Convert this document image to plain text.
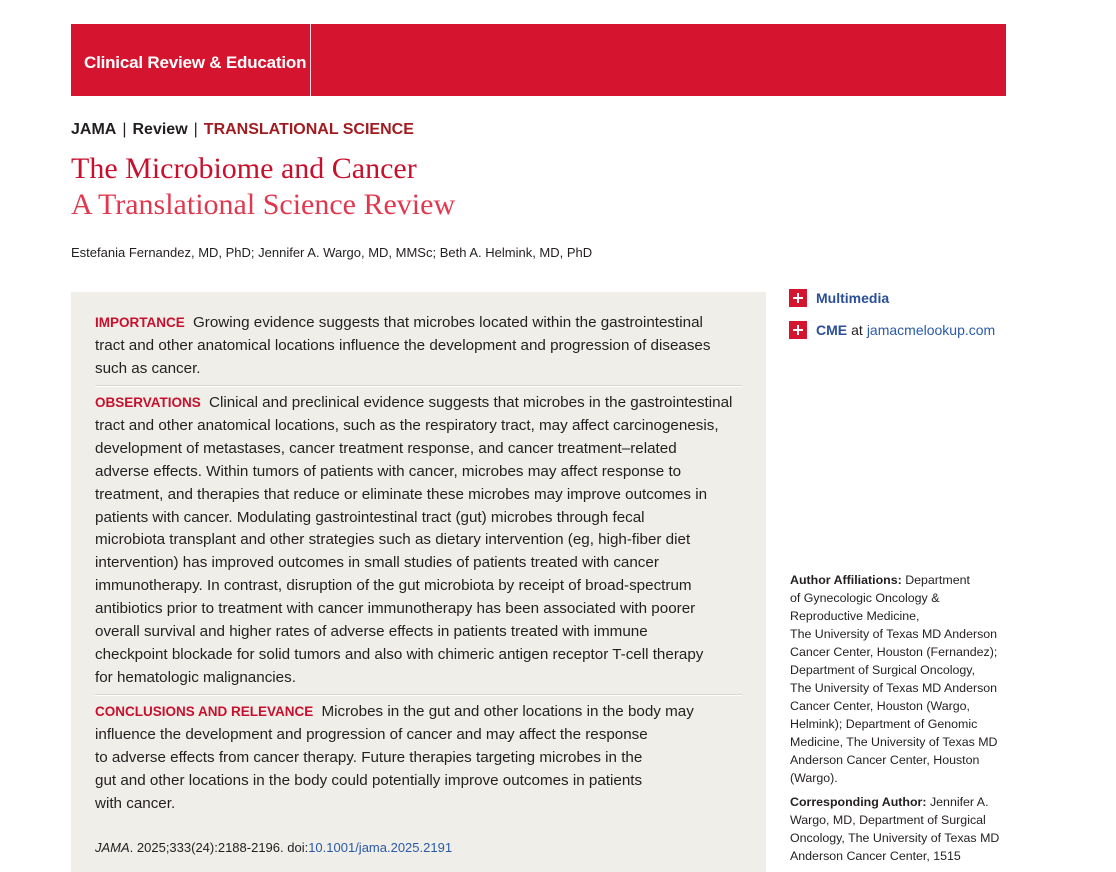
Clinical Review & Education
JAMA | Review | TRANSLATIONAL SCIENCE
The Microbiome and Cancer
A Translational Science Review
Estefania Fernandez, MD, PhD; Jennifer A. Wargo, MD, MMSc; Beth A. Helmink, MD, PhD
IMPORTANCE Growing evidence suggests that microbes located within the gastrointestinal
tract and other anatomical locations influence the development and progression of diseases
such as cancer.
OBSERVATIONS Clinical and preclinical evidence suggests that microbes in the gastrointestinal
tract and other anatomical locations, such as the respiratory tract, may affect carcinogenesis,
development of metastases, cancer treatment response, and cancer treatment–related
adverse effects. Within tumors of patients with cancer, microbes may affect response to
treatment, and therapies that reduce or eliminate these microbes may improve outcomes in
patients with cancer. Modulating gastrointestinal tract (gut) microbes through fecal
microbiota transplant and other strategies such as dietary intervention (eg, high-fiber diet
intervention) has improved outcomes in small studies of patients treated with cancer
immunotherapy. In contrast, disruption of the gut microbiota by receipt of broad-spectrum
antibiotics prior to treatment with cancer immunotherapy has been associated with poorer
overall survival and higher rates of adverse effects in patients treated with immune
checkpoint blockade for solid tumors and also with chimeric antigen receptor T-cell therapy
for hematologic malignancies.
CONCLUSIONS AND RELEVANCE Microbes in the gut and other locations in the body may
influence the development and progression of cancer and may affect the response
to adverse effects from cancer therapy. Future therapies targeting microbes in the
gut and other locations in the body could potentially improve outcomes in patients
with cancer.
JAMA. 2025;333(24):2188-2196. doi:10.1001/jama.2025.2191
Multimedia
CME at jamacmelookup.com
Author Affiliations: Department
of Gynecologic Oncology &
Reproductive Medicine,
The University of Texas MD Anderson
Cancer Center, Houston (Fernandez);
Department of Surgical Oncology,
The University of Texas MD Anderson
Cancer Center, Houston (Wargo,
Helmink); Department of Genomic
Medicine, The University of Texas MD
Anderson Cancer Center, Houston
(Wargo).
Corresponding Author: Jennifer A.
Wargo, MD, Department of Surgical
Oncology, The University of Texas MD
Anderson Cancer Center, 1515
